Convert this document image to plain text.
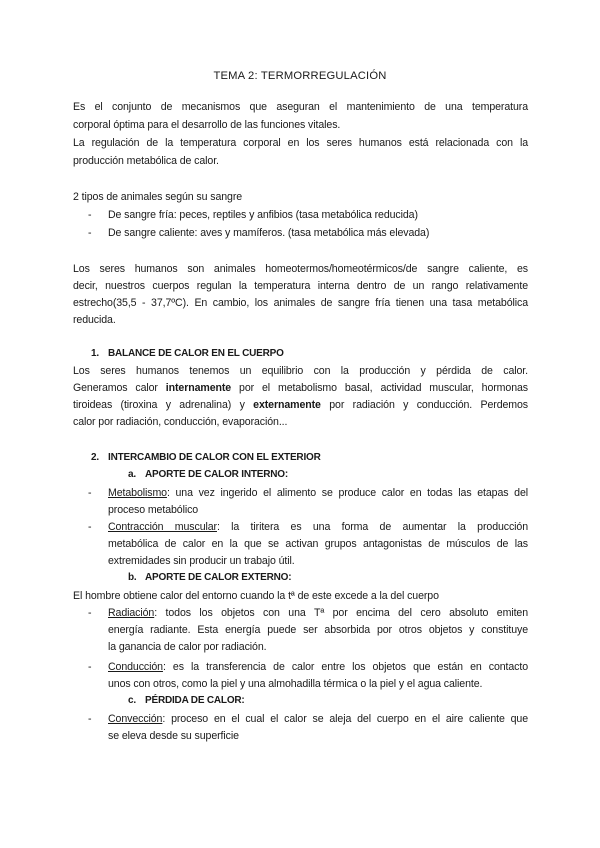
TEMA 2: TERMORREGULACIÓN
Es el conjunto de mecanismos que aseguran el mantenimiento de una temperatura
corporal óptima para el desarrollo de las funciones vitales.
La regulación de la temperatura corporal en los seres humanos está relacionada con la
producción metabólica de calor.
2 tipos de animales según su sangre
- De sangre fría: peces, reptiles y anfibios (tasa metabólica reducida)
- De sangre caliente: aves y mamíferos. (tasa metabólica más elevada)
Los seres humanos son animales homeotermos/homeotérmicos/de sangre caliente, es
decir, nuestros cuerpos regulan la temperatura interna dentro de un rango relativamente
estrecho(35,5 - 37,7ºC). En cambio, los animales de sangre fría tienen una tasa metabólica
reducida.
1. BALANCE DE CALOR EN EL CUERPO
Los seres humanos tenemos un equilibrio con la producción y pérdida de calor.
Generamos calor internamente por el metabolismo basal, actividad muscular, hormonas
tiroideas (tiroxina y adrenalina) y externamente por radiación y conducción. Perdemos
calor por radiación, conducción, evaporación...
2. INTERCAMBIO DE CALOR CON EL EXTERIOR
a. APORTE DE CALOR INTERNO:
- Metabolismo: una vez ingerido el alimento se produce calor en todas las etapas del
proceso metabólico
- Contracción muscular: la tiritera es una forma de aumentar la producción
metabólica de calor en la que se activan grupos antagonistas de músculos de las
extremidades sin producir un trabajo útil.
b. APORTE DE CALOR EXTERNO:
El hombre obtiene calor del entorno cuando la tª de este excede a la del cuerpo
- Radiación: todos los objetos con una Tª por encima del cero absoluto emiten
energía radiante. Esta energía puede ser absorbida por otros objetos y constituye
la ganancia de calor por radiación.
- Conducción: es la transferencia de calor entre los objetos que están en contacto
unos con otros, como la piel y una almohadilla térmica o la piel y el agua caliente.
c. PÉRDIDA DE CALOR:
- Convección: proceso en el cual el calor se aleja del cuerpo en el aire caliente que
se eleva desde su superficie
